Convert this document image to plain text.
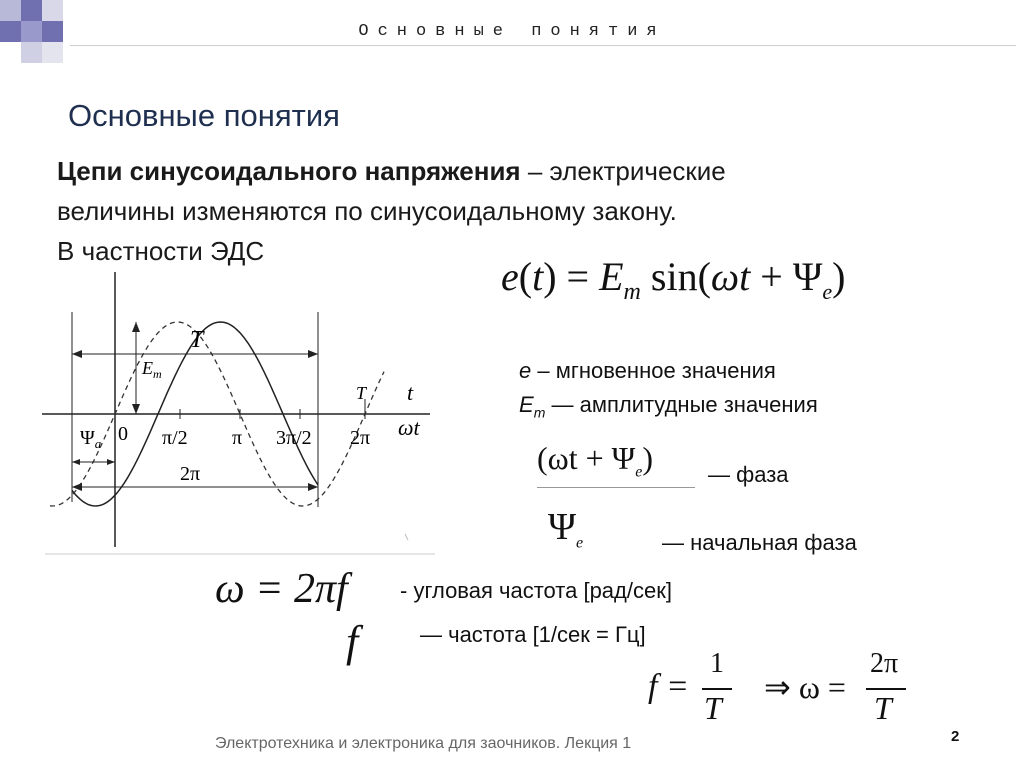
Основные понятия
Основные понятия
Цепи синусоидального напряжения – электрические
величины изменяются по синусоидальному закону.
В частности ЭДС
$e(t) = E_m$ $\sin(\omega t + \Psi_e)$
T
$E_m$
T t
ωt
$\Psi_a$ 0 π/2 π 3π/2 2π
2π
е – мгновенное значения
$E_m$ — амплитудные значения
$(\omega t + \Psi_e)$ — фаза
$\Psi_e$	— начальная фаза
ω = 2πf - угловая частота [рад/сек]
f	— частота [1/сек = Гц]
f =
1
T
⇒ ω =
2π
T
Электротехника и электроника для заочников. Лекция 1	2
